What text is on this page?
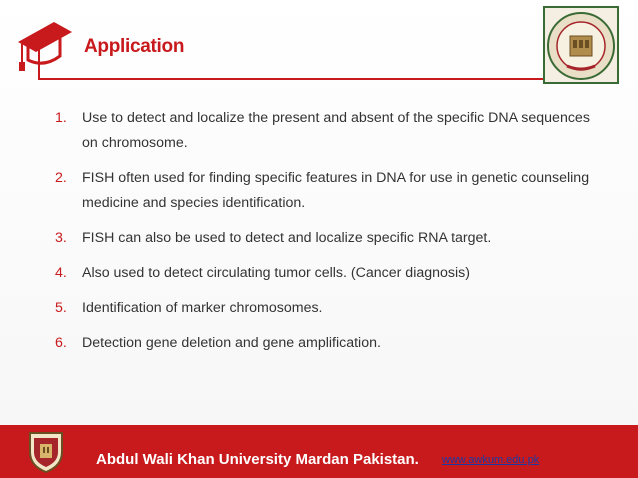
Application
1. Use to detect and localize the present and absent of the specific DNA sequences on chromosome.
2. FISH often used for finding specific features in DNA for use in genetic counseling medicine and species identification.
3. FISH can also be used to detect and localize specific RNA target.
4. Also used to detect circulating tumor cells. (Cancer diagnosis)
5. Identification of marker chromosomes.
6. Detection gene deletion and gene amplification.
Abdul Wali Khan University Mardan Pakistan. www.awkum.edu.pk
